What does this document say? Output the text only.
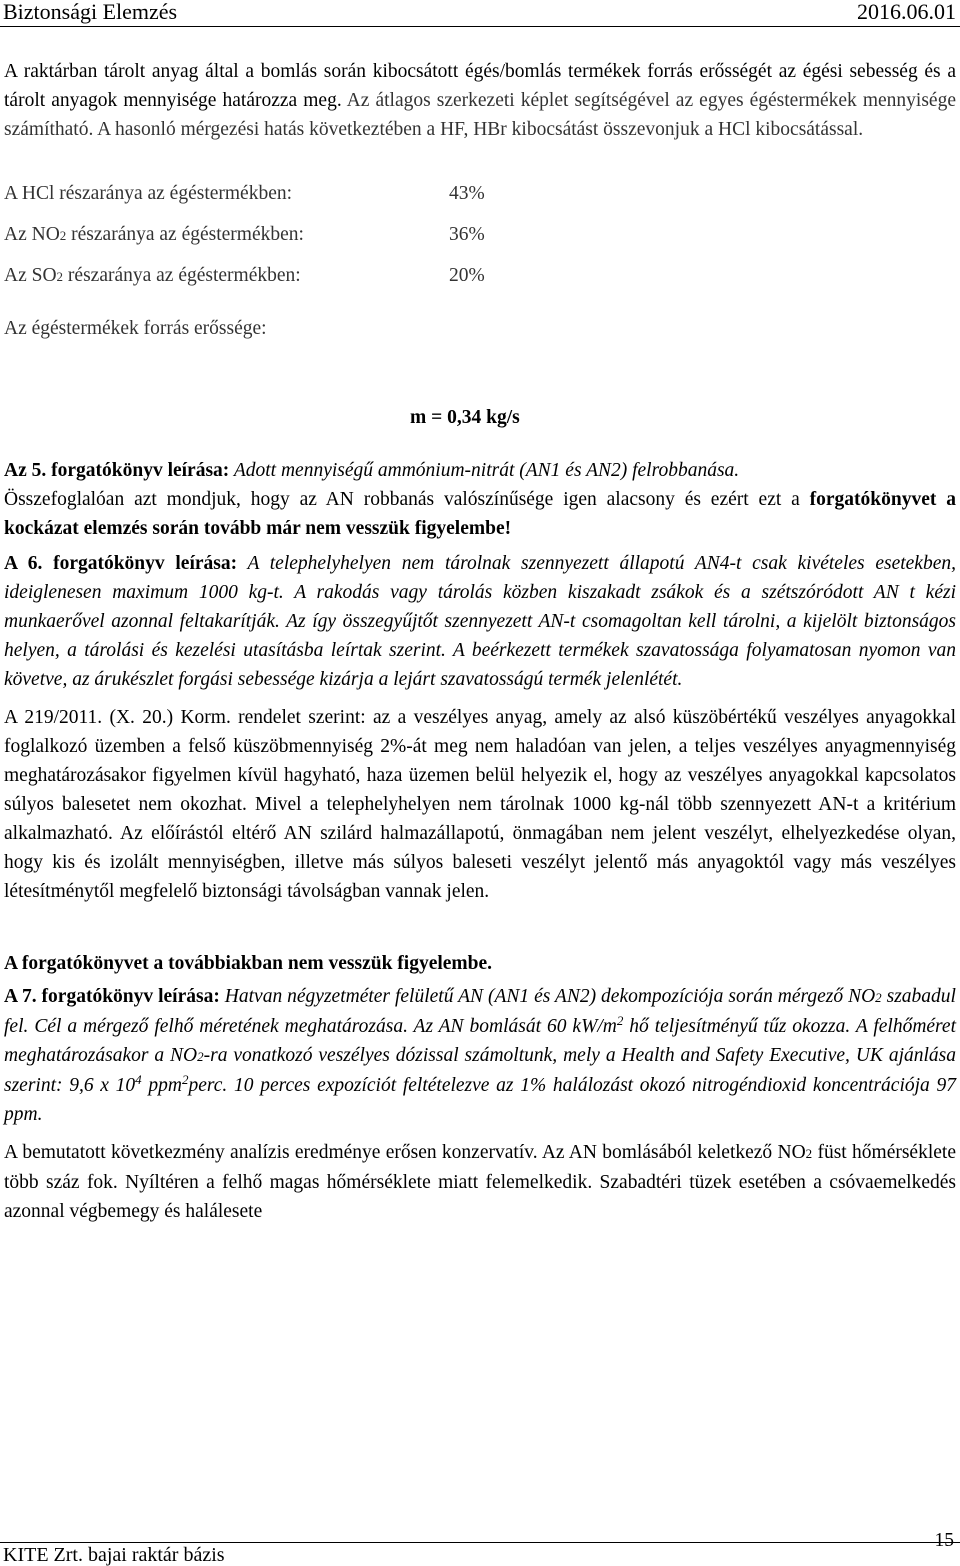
Biztonsági Elemzés	2016.06.01

A raktárban tárolt anyag által a bomlás során kibocsátott égés/bomlás termékek forrás erősségét az égési sebesség és a tárolt anyagok mennyisége határozza meg. Az átlagos szerkezeti képlet segítségével az egyes égéstermékek mennyisége számítható. A hasonló mérgezési hatás következtében a HF, HBr kibocsátást összevonjuk a HCl kibocsátással.

A HCl részaránya az égéstermékben:	43%
Az NO2 részaránya az égéstermékben:	36%
Az SO2 részaránya az égéstermékben:	20%

Az égéstermékek forrás erőssége:

m = 0,34 kg/s

Az 5. forgatókönyv leírása: Adott mennyiségű ammónium-nitrát (AN1 és AN2) felrobbanása.

Összefoglalóan azt mondjuk, hogy az AN robbanás valószínűsége igen alacsony és ezért ezt a forgatókönyvet a kockázat elemzés során tovább már nem vesszük figyelembe!

A 6. forgatókönyv leírása: A telephelyhelyen nem tárolnak szennyezett állapotú AN4-t csak kivételes esetekben, ideiglenesen maximum 1000 kg-t. A rakodás vagy tárolás közben kiszakadt zsákok és a szétszóródott AN t kézi munkaerővel azonnal feltakarítják. Az így összegyűjtőt szennyezett AN-t csomagoltan kell tárolni, a kijelölt biztonságos helyen, a tárolási és kezelési utasításba leírtak szerint. A beérkezett termékek szavatossága folyamatosan nyomon van követve, az árukészlet forgási sebessége kizárja a lejárt szavatosságú termék jelenlétét.

A 219/2011. (X. 20.) Korm. rendelet szerint: az a veszélyes anyag, amely az alsó küszöbértékű veszélyes anyagokkal foglalkozó üzemben a felső küszöbmennyiség 2%-át meg nem haladóan van jelen, a teljes veszélyes anyagmennyiség meghatározásakor figyelmen kívül hagyható, haza üzemen belül helyezik el, hogy az veszélyes anyagokkal kapcsolatos súlyos balesetet nem okozhat. Mivel a telephelyhelyen nem tárolnak 1000 kg-nál több szennyezett AN-t a kritérium alkalmazható. Az előírástól eltérő AN szilárd halmazállapotú, önmagában nem jelent veszélyt, elhelyezkedése olyan, hogy kis és izolált mennyiségben, illetve más súlyos baleseti veszélyt jelentő más anyagoktól vagy más veszélyes létesítménytől megfelelő biztonsági távolságban vannak jelen.

A forgatókönyvet a továbbiakban nem vesszük figyelembe.

A 7. forgatókönyv leírása: Hatvan négyzetméter felületű AN (AN1 és AN2) dekompozíciója során mérgező NO2 szabadul fel. Cél a mérgező felhő méretének meghatározása. Az AN bomlását 60 $kW/m^2$ hő teljesítményű tűz okozza. A felhőméret meghatározásakor a NO2-ra vonatkozó veszélyes dózissal számoltunk, mely a Health and Safety Executive, UK ajánlása szerint: 9,6 x $10^4$ ppm$^2$perc. 10 perces expozíciót feltételezve az 1% halálozást okozó nitrogéndioxid koncentrációja 97 ppm.

A bemutatott következmény analízis eredménye erősen konzervatív. Az AN bomlásából keletkező NO2 füst hőmérséklete több száz fok. Nyíltéren a felhő magas hőmérséklete miatt felemelkedik. Szabadtéri tüzek esetében a csóvaemelkedés azonnal végbemegy és halálesete

15
KITE Zrt. bajai raktár bázis
